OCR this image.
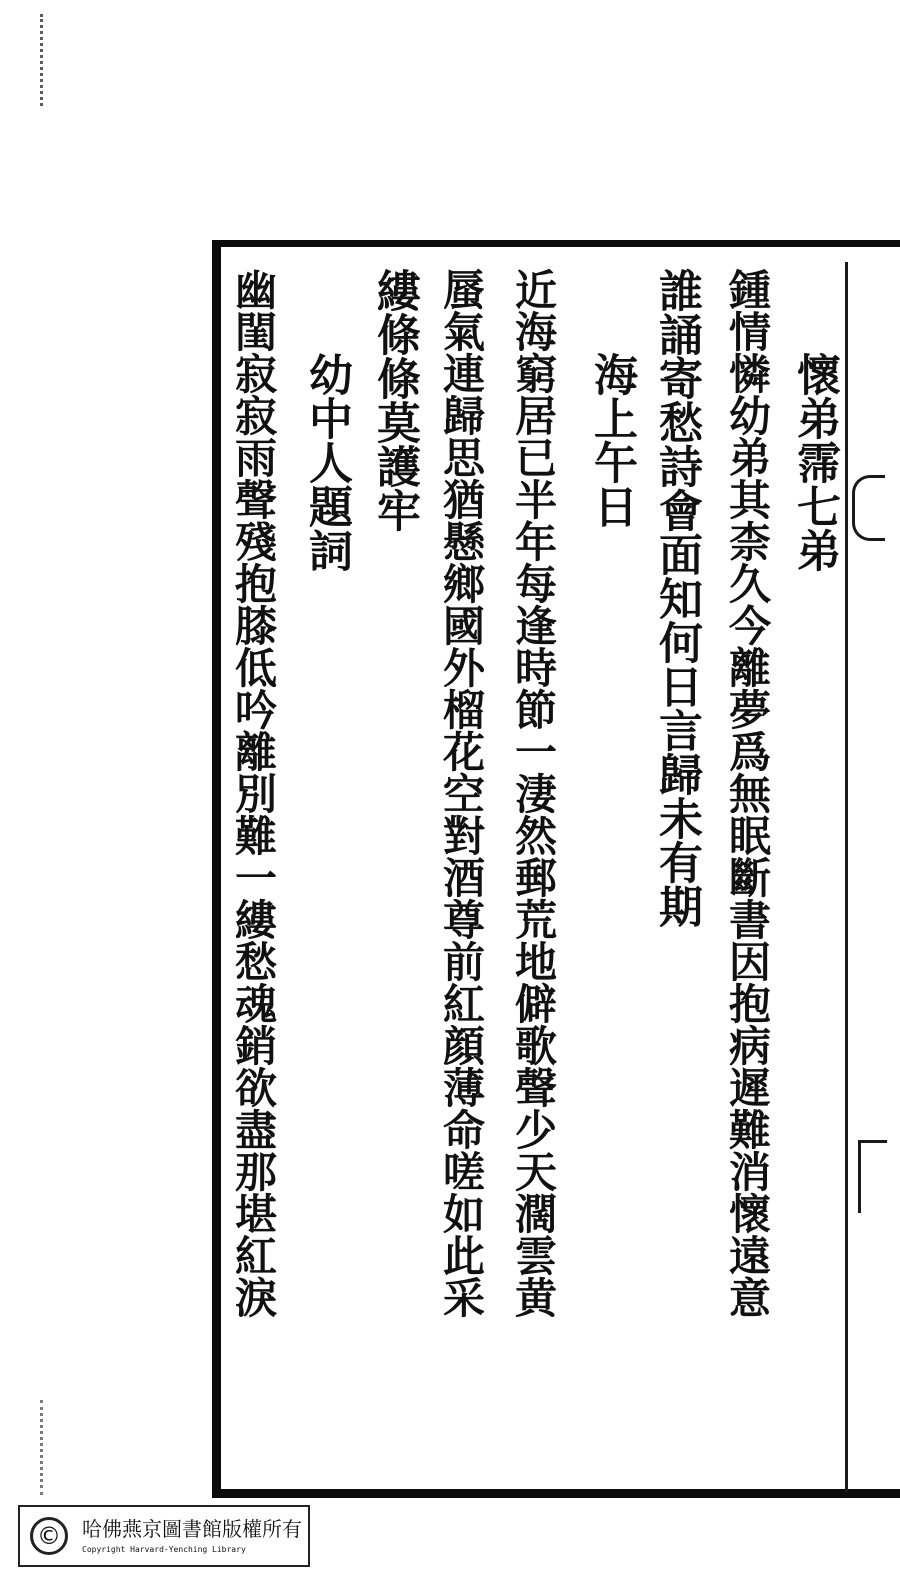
懷弟霈七弟
鍾情憐幼弟其柰久今離夢爲無眠斷書因抱病遲難消懷遠意
誰誦寄愁詩會面知何日言歸未有期
海上午日
近海窮居已半年每逢時節一淒然郵荒地僻歌聲少天濶雲黄
蜃氣連歸思猶懸鄉國外榴花空對酒尊前紅顔薄命嗟如此采
縷條條莫護牢
幼中人題詞
幽閨寂寂雨聲殘抱膝低吟離別難一縷愁魂銷欲盡那堪紅淚
©	哈佛燕京圖書館版權所有
Copyright Harvard-Yenching Library
